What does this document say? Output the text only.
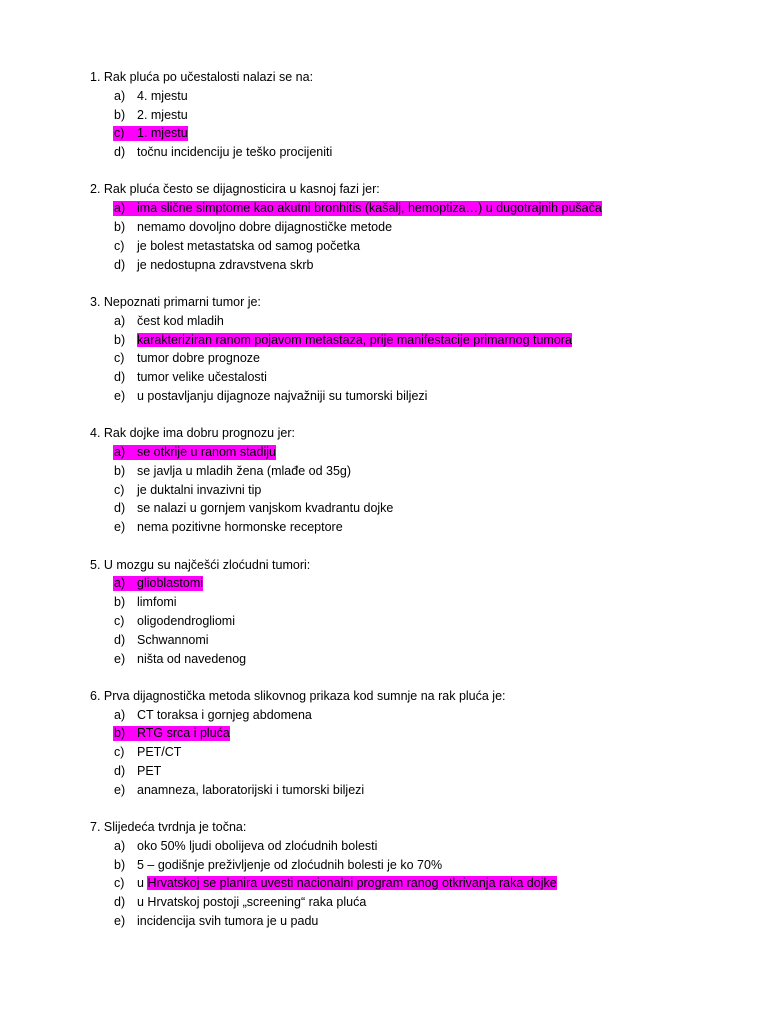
1. Rak pluća po učestalosti nalazi se na:
a) 4. mjestu
b) 2. mjestu
c) 1. mjestu
d) točnu incidenciju je teško procijeniti
2. Rak pluća često se dijagnosticira u kasnoj fazi jer:
a) ima slične simptome kao akutni bronhitis (kašalj, hemoptiza…) u dugotrajnih pušača
b) nemamo dovoljno dobre dijagnostičke metode
c) je bolest metastatska od samog početka
d) je nedostupna zdravstvena skrb
3. Nepoznati primarni tumor je:
a) čest kod mladih
b) karakteriziran ranom pojavom metastaza, prije manifestacije primarnog tumora
c) tumor dobre prognoze
d) tumor velike učestalosti
e) u postavljanju dijagnoze najvažniji su tumorski biljezi
4. Rak dojke ima dobru prognozu jer:
a) se otkrije u ranom stadiju
b) se javlja u mladih žena (mlađe od 35g)
c) je duktalni invazivni tip
d) se nalazi u gornjem vanjskom kvadrantu dojke
e) nema pozitivne hormonske receptore
5. U mozgu su najčešći zloćudni tumori:
a) glioblastomi
b) limfomi
c) oligodendrogliomi
d) Schwannomi
e) ništa od navedenog
6. Prva dijagnostička metoda slikovnog prikaza kod sumnje na rak pluća je:
a) CT toraksa i gornjeg abdomena
b) RTG srca i pluća
c) PET/CT
d) PET
e) anamneza, laboratorijski i tumorski biljezi
7. Slijedeća tvrdnja je točna:
a) oko 50% ljudi obolijeva od zloćudnih bolesti
b) 5 – godišnje preživljenje od zloćudnih bolesti je ko 70%
c) u Hrvatskoj se planira uvesti nacionalni program ranog otkrivanja raka dojke
d) u Hrvatskoj postoji „screening“ raka pluća
e) incidencija svih tumora je u padu
